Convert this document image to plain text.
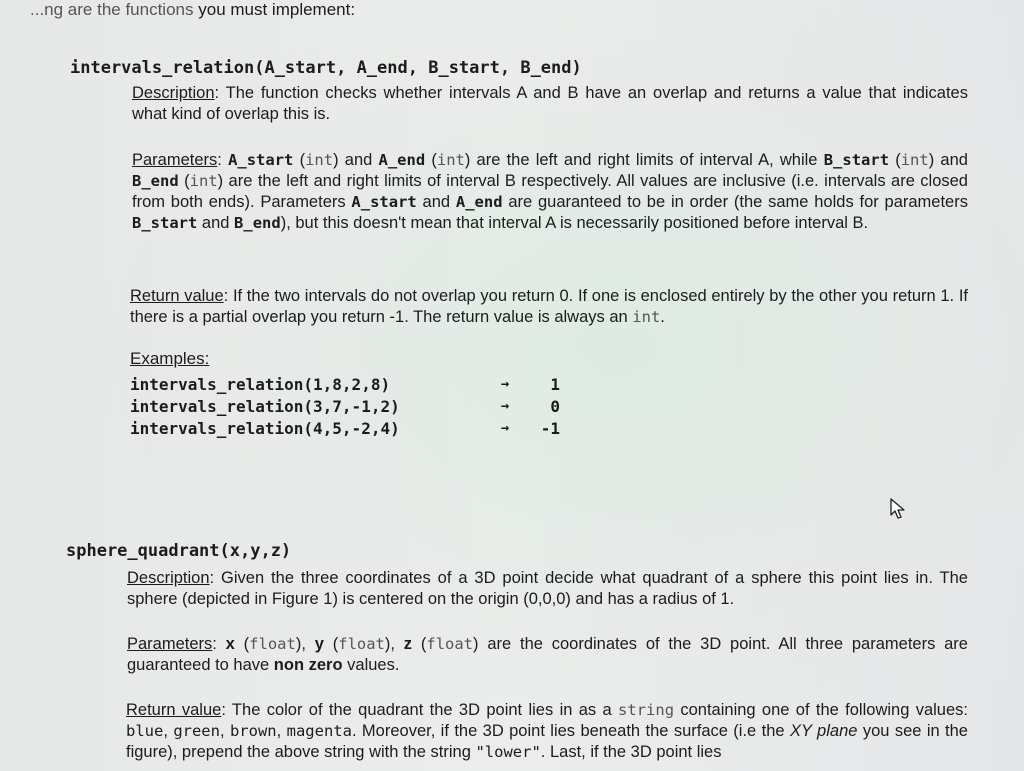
...ng are the functions you must implement:
intervals_relation(A_start, A_end, B_start, B_end)
Description: The function checks whether intervals A and B have an overlap and returns a value that indicates what kind of overlap this is.
Parameters: A_start (int) and A_end (int) are the left and right limits of interval A, while B_start (int) and B_end (int) are the left and right limits of interval B respectively. All values are inclusive (i.e. intervals are closed from both ends). Parameters A_start and A_end are guaranteed to be in order (the same holds for parameters B_start and B_end), but this doesn't mean that interval A is necessarily positioned before interval B.
Return value: If the two intervals do not overlap you return 0. If one is enclosed entirely by the other you return 1. If there is a partial overlap you return -1. The return value is always an int.
Examples:
intervals_relation(1,8,2,8)	→	1
intervals_relation(3,7,-1,2)	→	0
intervals_relation(4,5,-2,4)	→	-1
sphere_quadrant(x,y,z)
Description: Given the three coordinates of a 3D point decide what quadrant of a sphere this point lies in. The sphere (depicted in Figure 1) is centered on the origin (0,0,0) and has a radius of 1.
Parameters: x (float), y (float), z (float) are the coordinates of the 3D point. All three parameters are guaranteed to have non zero values.
Return value: The color of the quadrant the 3D point lies in as a string containing one of the following values: blue, green, brown, magenta. Moreover, if the 3D point lies beneath the surface (i.e the XY plane you see in the figure), prepend the above string with the string "lower". Last, if the 3D point lies
